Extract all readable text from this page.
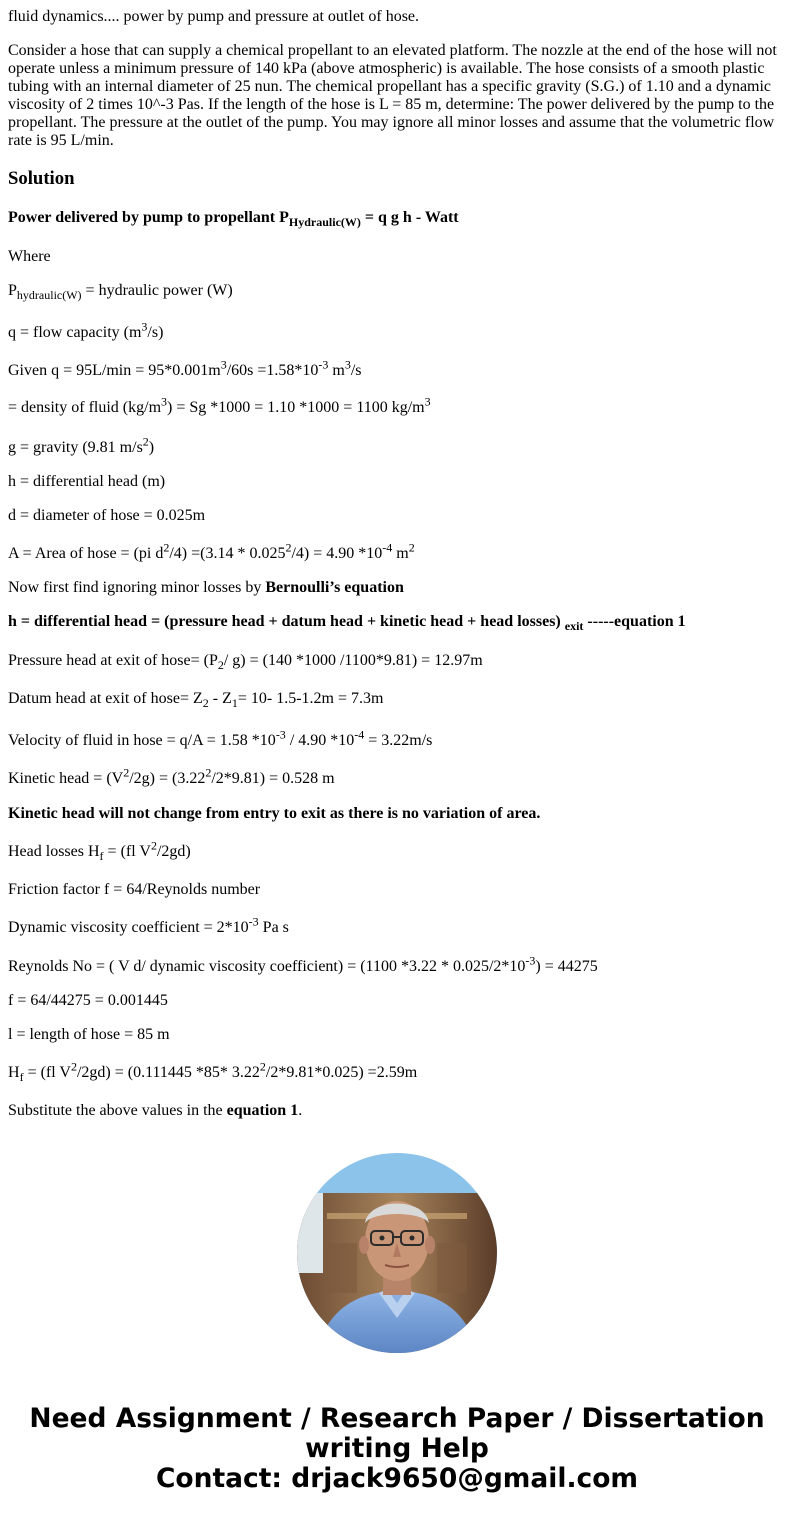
fluid dynamics.... power by pump and pressure at outlet of hose.

Consider a hose that can supply a chemical propellant to an elevated platform. The nozzle at the end of the hose will not operate unless a minimum pressure of 140 kPa (above atmospheric) is available. The hose consists of a smooth plastic tubing with an internal diameter of 25 nun. The chemical propellant has a specific gravity (S.G.) of 1.10 and a dynamic viscosity of 2 times 10^-3 Pas. If the length of the hose is L = 85 m, determine: The power delivered by the pump to the propellant. The pressure at the outlet of the pump. You may ignore all minor losses and assume that the volumetric flow rate is 95 L/min.

Solution

Power delivered by pump to propellant $P_{Hydraulic(W)} = q$ g h - Watt

Where

$P_{hydraulic(W)}$ = hydraulic power (W)

q = flow capacity $(m^3/s)$

Given $q = 95L/\min = 95*0.001m^3/60s =1.58*10^{-3}$ $m^3/s$

= density of fluid $(kg/m^3) = Sg$ *1000 = 1.10 *1000 = 1100 $kg/m^3$

g = gravity (9.81 $m/s^2$)

h = differential head (m)

d = diameter of hose = 0.025m

A = Area of hose = (pi $d^2/4) =(3.14 * 0.025^2/4) = 4.90$ $*10^{-4}$ $m^2$

Now first find ignoring minor losses by Bernoulli’s equation

h = differential head = (pressure head + datum head + kinetic head + head losses) $_{exit}$ -----equation 1

Pressure head at exit of hose= ($P_2/$ g) = (140 *1000 /1100*9.81) = 12.97m

Datum head at exit of hose= $Z_2 - Z_1= 10-$ 1.5-1.2m = 7.3m

Velocity of fluid in hose = q/A = 1.58 $*10^{-3} / 4.90$ $*10^{-4} = 3.22m/s$

Kinetic head = $(V^2/2g) = (3.22^2/2*9.81) = 0.528$ m

Kinetic head will not change from entry to exit as there is no variation of area.

Head losses $H_f = (fl$ $V^2/2gd$)

Friction factor f = 64/Reynolds number

Dynamic viscosity coefficient = $2*10^{-3}$ Pa s

Reynolds No = ( V d/ dynamic viscosity coefficient) = (1100 $*3.22 * 0.025/2*10^{-3}) = 44275$

f = 64/44275 = 0.001445

l = length of hose = 85 m

$H_f = (fl$ $V^2/2gd) = (0.111445$ *85* $3.22^2/2*9.81*0.025) =2.59m$

Substitute the above values in the equation 1.

Need Assignment / Research Paper / Dissertation
writing Help
Contact: drjack9650@gmail.com
